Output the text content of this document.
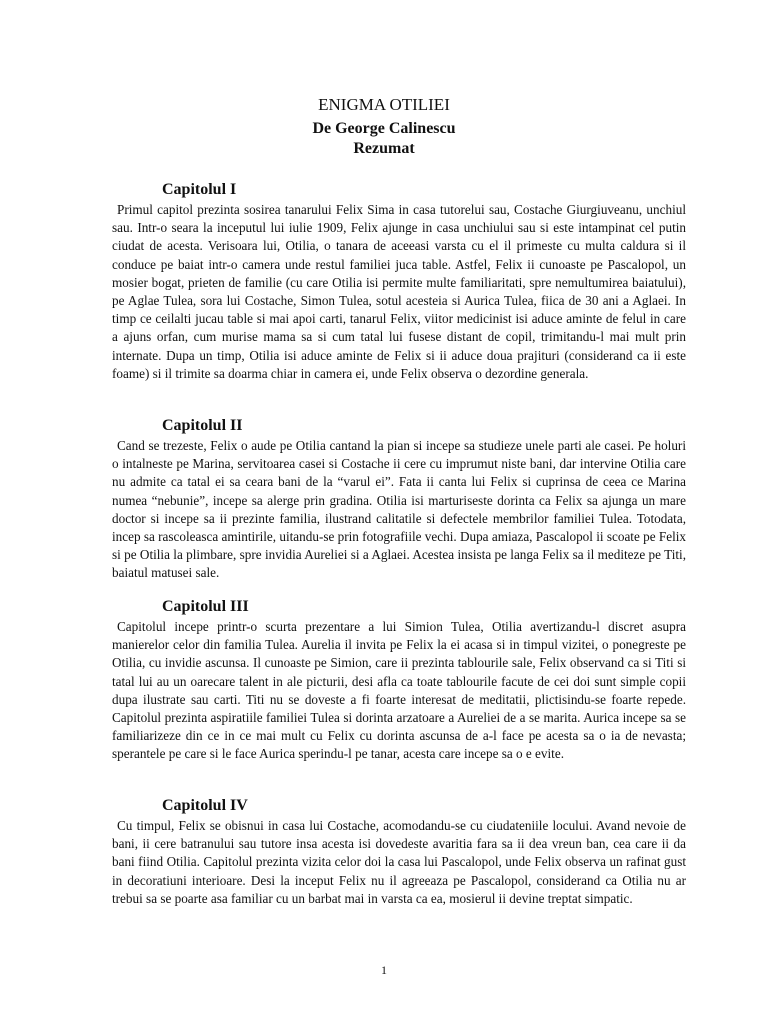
ENIGMA OTILIEI
De George Calinescu
Rezumat
Capitolul I

Primul capitol prezinta sosirea tanarului Felix Sima in casa tutorelui sau, Costache Giurgiuveanu, unchiul sau. Intr-o seara la inceputul lui iulie 1909, Felix ajunge in casa unchiului sau si este intampinat cel putin ciudat de acesta. Verisoara lui, Otilia, o tanara de aceeasi varsta cu el il primeste cu multa caldura si il conduce pe baiat intr-o camera unde restul familiei juca table. Astfel, Felix ii cunoaste pe Pascalopol, un mosier bogat, prieten de familie (cu care Otilia isi permite multe familiaritati, spre nemultumirea baiatului), pe Aglae Tulea, sora lui Costache, Simon Tulea, sotul acesteia si Aurica Tulea, fiica de 30 ani a Aglaei. In timp ce ceilalti jucau table si mai apoi carti, tanarul Felix, viitor medicinist isi aduce aminte de felul in care a ajuns orfan, cum murise mama sa si cum tatal lui fusese distant de copil, trimitandu-l mai mult prin internate. Dupa un timp, Otilia isi aduce aminte de Felix si ii aduce doua prajituri (considerand ca ii este foame) si il trimite sa doarma chiar in camera ei, unde Felix observa o dezordine generala.

Capitolul II

Cand se trezeste, Felix o aude pe Otilia cantand la pian si incepe sa studieze unele parti ale casei. Pe holuri o intalneste pe Marina, servitoarea casei si Costache ii cere cu imprumut niste bani, dar intervine Otilia care nu admite ca tatal ei sa ceara bani de la “varul ei”. Fata ii canta lui Felix si cuprinsa de ceea ce Marina numea “nebunie”, incepe sa alerge prin gradina. Otilia isi marturiseste dorinta ca Felix sa ajunga un mare doctor si incepe sa ii prezinte familia, ilustrand calitatile si defectele membrilor familiei Tulea. Totodata, incep sa rascoleasca amintirile, uitandu-se prin fotografiile vechi. Dupa amiaza, Pascalopol ii scoate pe Felix si pe Otilia la plimbare, spre invidia Aureliei si a Aglaei. Acestea insista pe langa Felix sa il mediteze pe Titi, baiatul matusei sale.

Capitolul III

Capitolul incepe printr-o scurta prezentare a lui Simion Tulea, Otilia avertizandu-l discret asupra manierelor celor din familia Tulea. Aurelia il invita pe Felix la ei acasa si in timpul vizitei, o ponegreste pe Otilia, cu invidie ascunsa. Il cunoaste pe Simion, care ii prezinta tablourile sale, Felix observand ca si Titi si tatal lui au un oarecare talent in ale picturii, desi afla ca toate tablourile facute de cei doi sunt simple copii dupa ilustrate sau carti. Titi nu se doveste a fi foarte interesat de meditatii, plictisindu-se foarte repede. Capitolul prezinta aspiratiile familiei Tulea si dorinta arzatoare a Aureliei de a se marita. Aurica incepe sa se familiarizeze din ce in ce mai mult cu Felix cu dorinta ascunsa de a-l face pe acesta sa o ia de nevasta; sperantele pe care si le face Aurica sperindu-l pe tanar, acesta care incepe sa o e evite.

Capitolul IV

Cu timpul, Felix se obisnui in casa lui Costache, acomodandu-se cu ciudateniile locului. Avand nevoie de bani, ii cere batranului sau tutore insa acesta isi dovedeste avaritia fara sa ii dea vreun ban, cea care ii da bani fiind Otilia. Capitolul prezinta vizita celor doi la casa lui Pascalopol, unde Felix observa un rafinat gust in decoratiuni interioare. Desi la inceput Felix nu il agreeaza pe Pascalopol, considerand ca Otilia nu ar trebui sa se poarte asa familiar cu un barbat mai in varsta ca ea, mosierul ii devine treptat simpatic.

1
